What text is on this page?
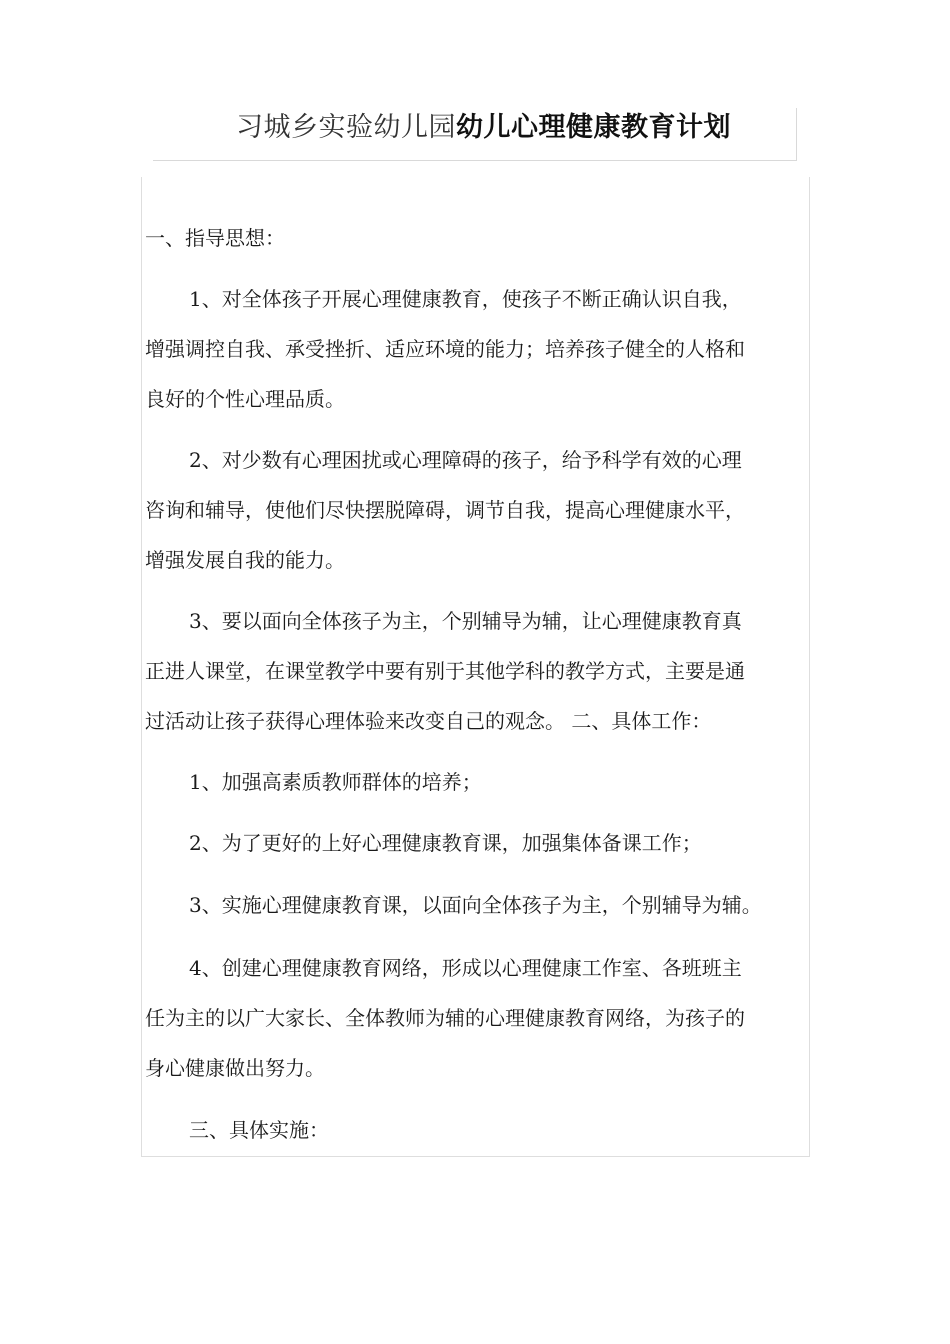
习城乡实验幼儿园幼儿心理健康教育计划
一、指导思想：
1、对全体孩子开展心理健康教育，使孩子不断正确认识自我，
增强调控自我、承受挫折、适应环境的能力；培养孩子健全的人格和
良好的个性心理品质。
2、对少数有心理困扰或心理障碍的孩子，给予科学有效的心理
咨询和辅导，使他们尽快摆脱障碍，调节自我，提高心理健康水平，
增强发展自我的能力。
3、要以面向全体孩子为主，个别辅导为辅，让心理健康教育真
正进人课堂，在课堂教学中要有别于其他学科的教学方式，主要是通
过活动让孩子获得心理体验来改变自己的观念。 二、具体工作：
1、加强高素质教师群体的培养；
2、为了更好的上好心理健康教育课，加强集体备课工作；
3、实施心理健康教育课，以面向全体孩子为主，个别辅导为辅。
4、创建心理健康教育网络，形成以心理健康工作室、各班班主
任为主的以广大家长、全体教师为辅的心理健康教育网络，为孩子的
身心健康做出努力。
三、具体实施：
